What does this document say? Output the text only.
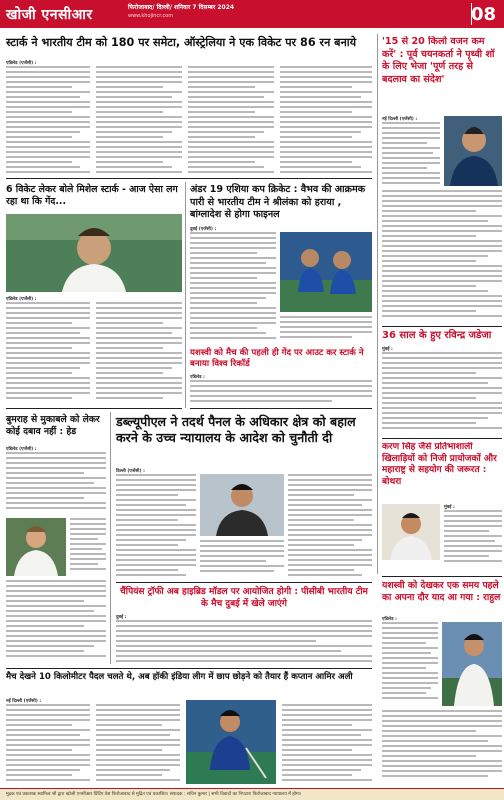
खोजी एनसीआर	फिरोजाबाद/ दिल्ली/ शनिवार 7 दिसम्बर 2024
www.khojincr.com	08
स्टार्क ने भारतीय टीम को 180 पर समेटा, ऑस्ट्रेलिया ने एक विकेट पर 86 रन बनाये
एडिलेड (एजेंसी) :
'15 से 20 किलो वजन कम करें' : पूर्व चयनकर्ता ने पृथ्वी शॉ के लिए भेजा 'पूर्ण तरह से बदलाव का संदेश'
नई दिल्ली (एजेंसी) :
36 साल के हुए रविन्द्र जडेजा
मुंबई :
करण सिंह जैसे प्रतिभाशाली खिलाड़ियों को निजी प्रायोजकों और महाराष्ट्र से सहयोग की जरूरत : बोथरा
मुंबई :
6 विकेट लेकर बोले मिशेल स्टार्क - आज ऐसा लग रहा था कि गेंद...
एडिलेड (एजेंसी) :
अंडर 19 एशिया कप क्रिकेट : वैभव की आक्रमक पारी से भारतीय टीम ने श्रीलंका को हराया , बांग्लादेश से होगा फाइनल
दुबई (एजेंसी) :
यशस्वी को मैच की पहली ही गेंद पर आउट कर स्टार्क ने बनाया विश्व रिकॉर्ड
एडिलेड :
बुमराह से मुकाबले को लेकर कोई दबाव नहीं : हेड
एडिलेड (एजेंसी) :
डब्ल्यूपीएल ने तदर्थ पैनल के अधिकार क्षेत्र को बहाल करने के उच्च न्यायालय के आदेश को चुनौती दी
दिल्ली (एजेंसी) :
चैंपियंस ट्रॉफी अब हाइब्रिड मॉडल पर आयोजित होगी : पीसीबी भारतीय टीम के मैच दुबई में खेले जाएंगे
दुबई :
यशस्वी को देखकर एक समय पहले का अपना दौर याद आ गया : राहुल
एडिलेड :
मैच देखने 10 किलोमीटर पैदल चलते थे, अब हॉकी इंडिया लीग में छाप छोड़ने को तैयार हैं कप्तान आमिर अली
नई दिल्ली (एजेंसी) :
मुद्रक एवं प्रकाशक स्वामित्व श्री द्वारा खोजी एनसीआर प्रिंटिंग प्रेस फिरोजाबाद से मुद्रित एवं प्रकाशित। संपादक : सचिन कुमार | सभी विवादों का निपटारा फिरोजाबाद न्यायालय में होगा।
